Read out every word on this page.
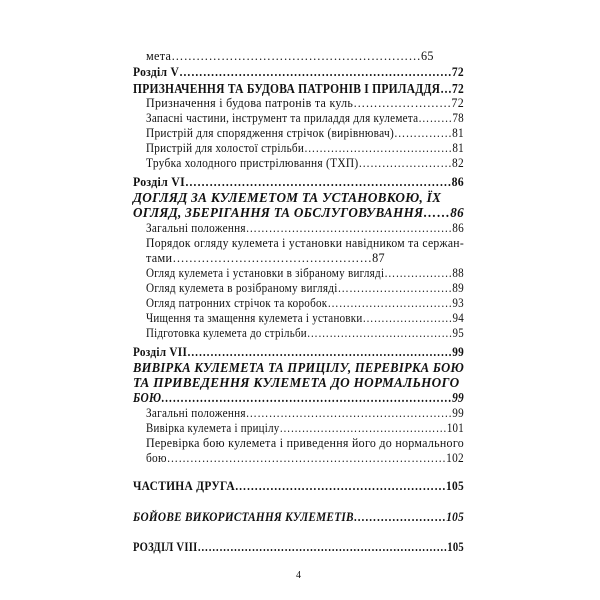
мета……………………………………………………65
Розділ V……………………………………………………………72
ПРИЗНАЧЕННЯ ТА БУДОВА ПАТРОНІВ І ПРИЛАДДЯ…72
Призначення і будова патронів та куль……………………72
Запасні частини, інструмент та приладдя для кулемета………78
Пристрій для спорядження стрічок (вирівнювач)……………81
Пристрій для холостої стрільби…………………………………81
Трубка холодного пристрілювання (ТХП)……………………82
Розділ VI…………………………………………………………86
ДОГЛЯД ЗА КУЛЕМЕТОМ ТА УСТАНОВКОЮ, ЇХ
ОГЛЯД, ЗБЕРІГАННЯ ТА ОБСЛУГОВУВАННЯ……86
Загальні положення………………………………………………86
Порядок огляду кулемета і установки навідником та сержан-
тами…………………………………………87
Огляд кулемета і установки в зібраному вигляді………………88
Огляд кулемета в розібраному вигляді…………………………89
Огляд патронних стрічок та коробок……………………………93
Чищення та змащення кулемета і установки……………………94
Підготовка кулемета до стрільби…………………………………95
Розділ VII……………………………………………………………99
ВИВІРКА КУЛЕМЕТА ТА ПРИЦІЛУ, ПЕРЕВІРКА БОЮ
ТА ПРИВЕДЕННЯ КУЛЕМЕТА ДО НОРМАЛЬНОГО
БОЮ…………………………………………………………………99
Загальні положення………………………………………………99
Вивірка кулемета і прицілу………………………………………101
Перевірка бою кулемета і приведення його до нормального
бою………………………………………………………………102
ЧАСТИНА ДРУГА………………………………………………105
БОЙОВЕ ВИКОРИСТАННЯ КУЛЕМЕТІВ……………………105
РОЗДІЛ VIII……………………………………………………………105
4
